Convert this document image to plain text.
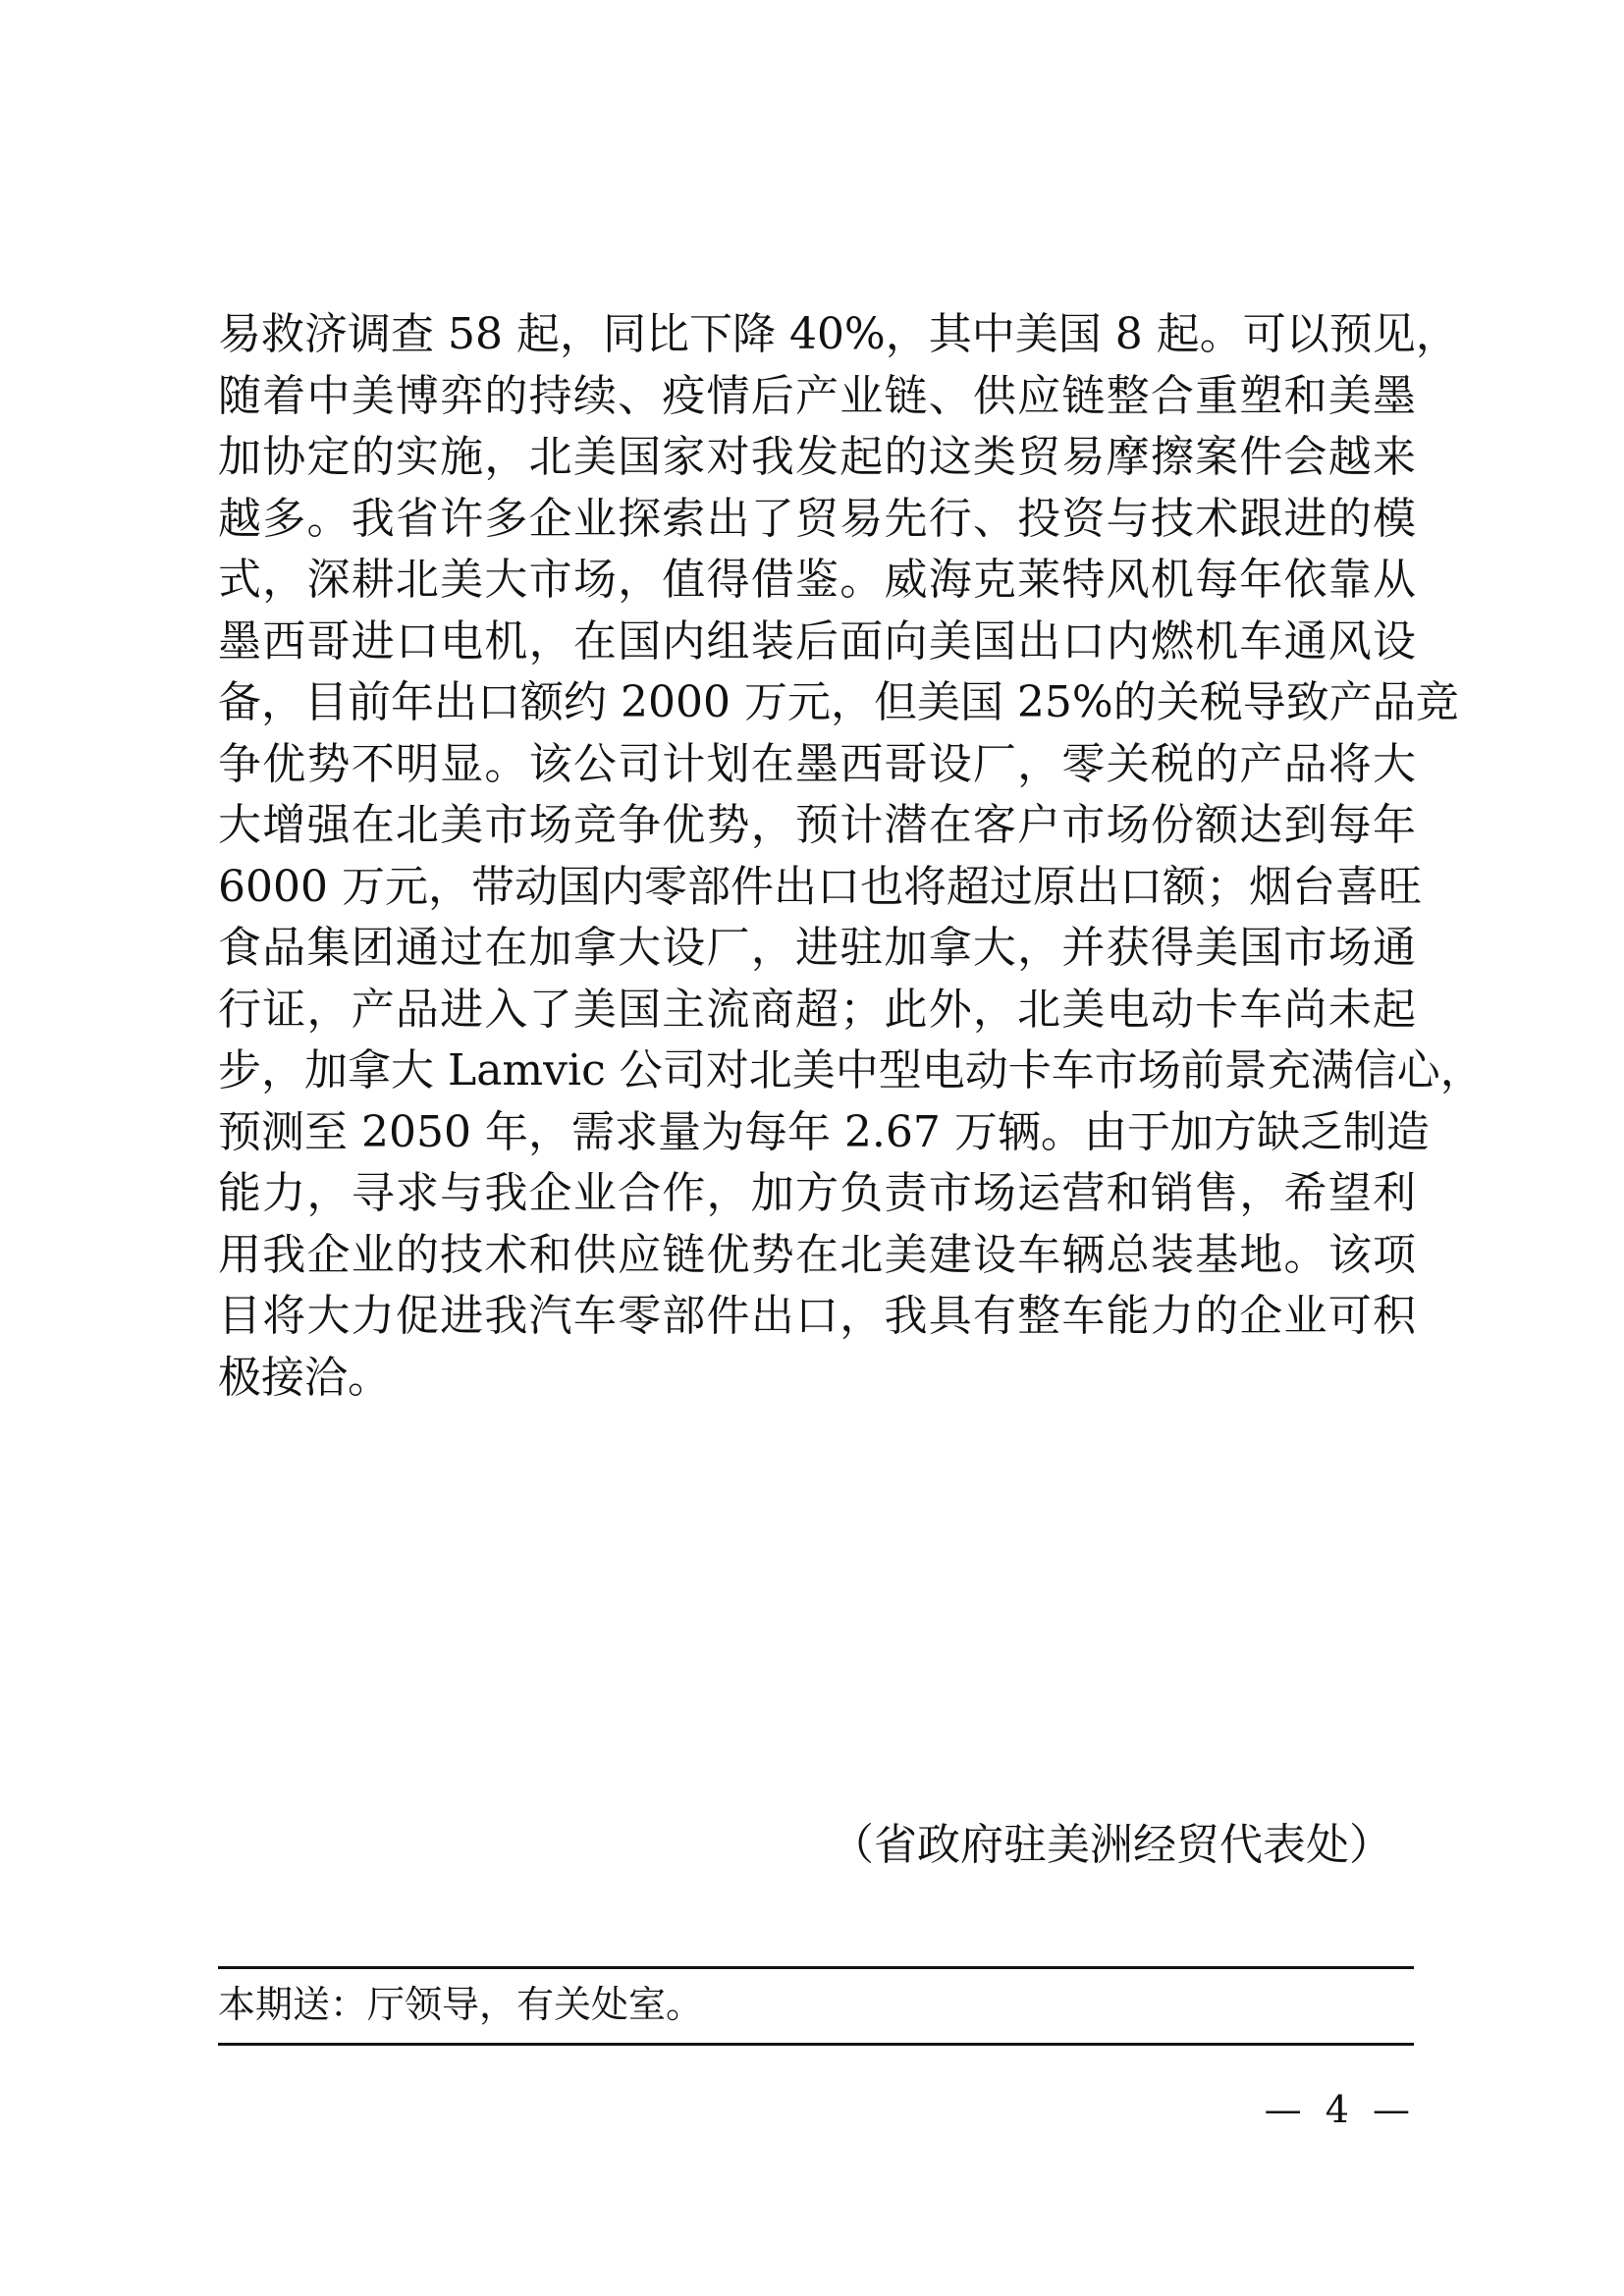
易救济调查 58 起，同比下降 40%，其中美国 8 起。可以预见，
随着中美博弈的持续、疫情后产业链、供应链整合重塑和美墨
加协定的实施，北美国家对我发起的这类贸易摩擦案件会越来
越多。我省许多企业探索出了贸易先行、投资与技术跟进的模
式，深耕北美大市场，值得借鉴。威海克莱特风机每年依靠从
墨西哥进口电机，在国内组装后面向美国出口内燃机车通风设
备，目前年出口额约 2000 万元，但美国 25%的关税导致产品竞
争优势不明显。该公司计划在墨西哥设厂，零关税的产品将大
大增强在北美市场竞争优势，预计潜在客户市场份额达到每年
6000 万元，带动国内零部件出口也将超过原出口额；烟台喜旺
食品集团通过在加拿大设厂，进驻加拿大，并获得美国市场通
行证，产品进入了美国主流商超；此外，北美电动卡车尚未起
步，加拿大 Lamvic 公司对北美中型电动卡车市场前景充满信心，
预测至 2050 年，需求量为每年 2.67 万辆。由于加方缺乏制造
能力，寻求与我企业合作，加方负责市场运营和销售，希望利
用我企业的技术和供应链优势在北美建设车辆总装基地。该项
目将大力促进我汽车零部件出口，我具有整车能力的企业可积
极接洽。
（省政府驻美洲经贸代表处）
本期送：厅领导，有关处室。
— 4 —
